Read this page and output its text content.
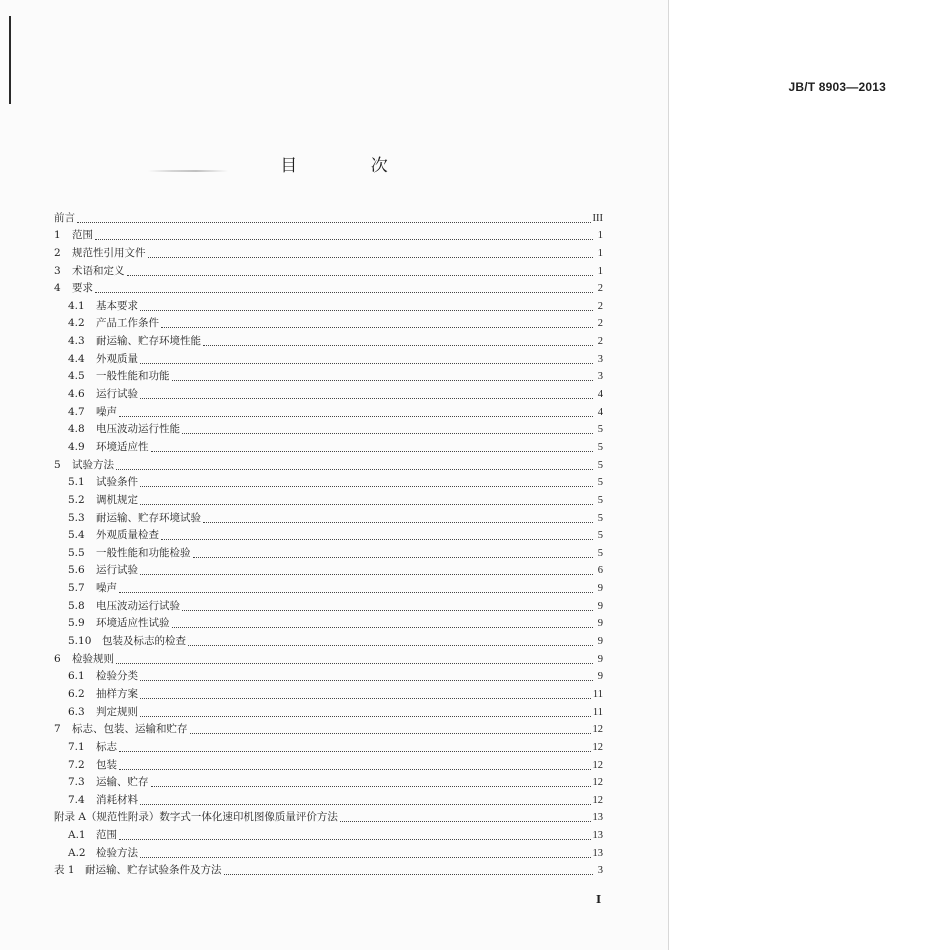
JB/T 8903—2013
目 次
前言	III
1	范围	1
2	规范性引用文件	1
3	术语和定义	1
4	要求	2
4.1	基本要求	2
4.2	产品工作条件	2
4.3	耐运输、贮存环境性能	2
4.4	外观质量	3
4.5	一般性能和功能	3
4.6	运行试验	4
4.7	噪声	4
4.8	电压波动运行性能	5
4.9	环境适应性	5
5	试验方法	5
5.1	试验条件	5
5.2	调机规定	5
5.3	耐运输、贮存环境试验	5
5.4	外观质量检查	5
5.5	一般性能和功能检验	5
5.6	运行试验	6
5.7	噪声	9
5.8	电压波动运行试验	9
5.9	环境适应性试验	9
5.10	包装及标志的检查	9
6	检验规则	9
6.1	检验分类	9
6.2	抽样方案	11
6.3	判定规则	11
7	标志、包装、运输和贮存	12
7.1	标志	12
7.2	包装	12
7.3	运输、贮存	12
7.4	消耗材料	12
附录 A（规范性附录）数字式一体化速印机图像质量评价方法	13
A.1 范围	13
A.2 检验方法	13
表 1　耐运输、贮存试验条件及方法	3
I
